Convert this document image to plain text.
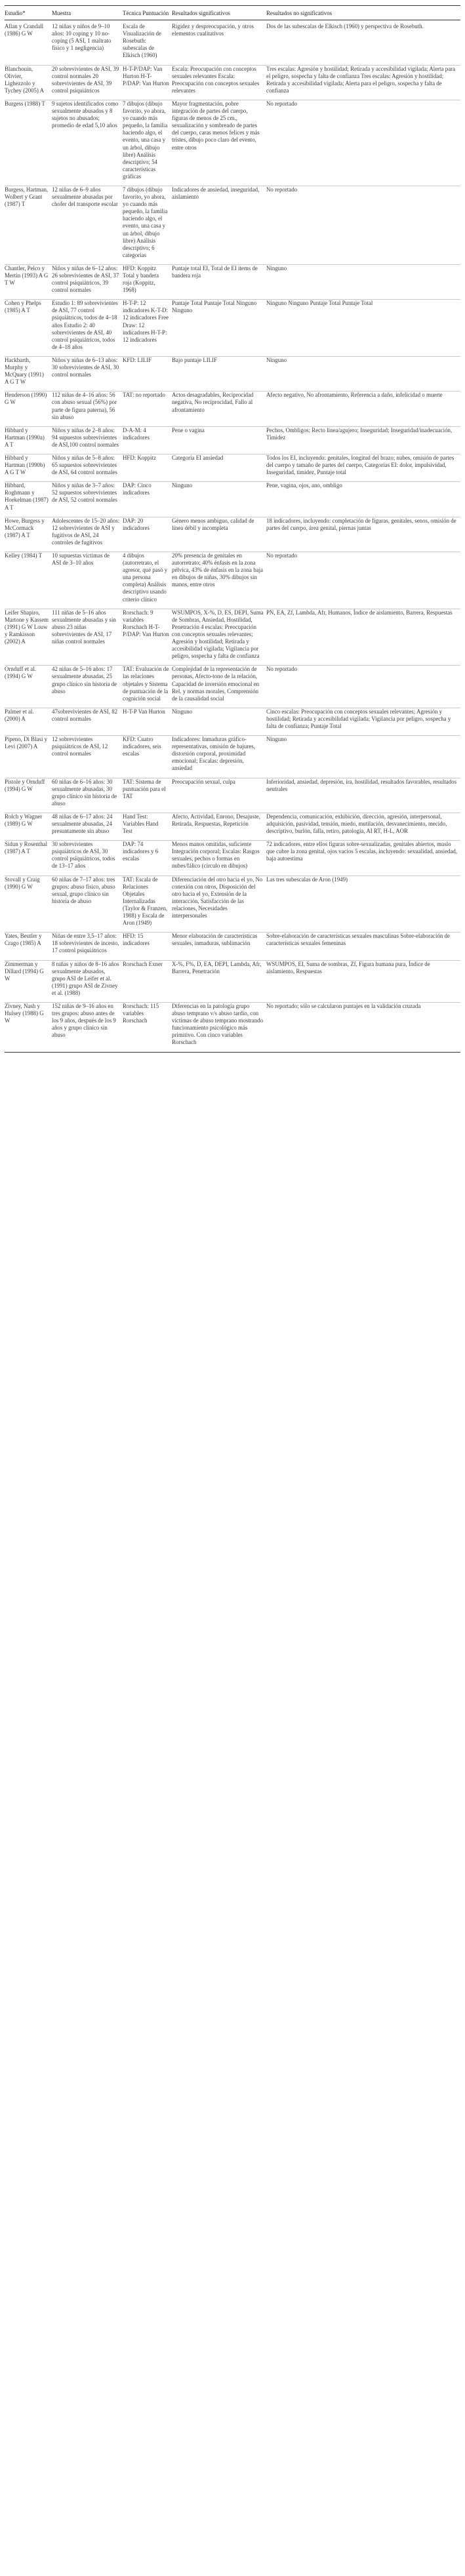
Estudio*	Muestra	Técnica Puntuación	Resultados significativos	Resultados no significativos
Allan y Crandall (1986) G W	12 niñas y niños de 9–10 años: 10 coping y 10 no-coping (5 ASI, 1 maltrato físico y 1 negligencia)	Escala de Visualización de Rosebuth: subescalas de Elkisch (1960)	Rigidez y despreocupación, y otros elementos cualitativos	Dos de las subescalas de Elkisch (1960) y perspectiva de Rosebuth.
Blanchouin, Olivier, Lighezzolo y Tychey (2005) A	20 sobrevivientes de ASI, 39 control normales 20 sobrevivientes de ASI, 39 control psiquiátricos	H-T-P/DAP: Van Hurton H-T-P/DAP: Van Hurton	Escala: Preocupación con conceptos sexuales relevantes Escala: Preocupación con conceptos sexuales relevantes	Tres escalas: Agresión y hostilidad; Retirada y accesibilidad vigilada; Alerta para el peligro, sospecha y falta de confianza Tres escalas: Agresión y hostilidad; Retirada y accesibilidad vigilada; Alerta para el peligro, sospecha y falta de confianza
Burgess (1988) T	9 sujetos identificados como sexualmente abusados y 8 sujetos no abusados; promedio de edad 5,10 años	7 dibujos (dibujo favorito, yo ahora, yo cuando más pequeño, la familia haciendo algo, el evento, una casa y un árbol, dibujo libre) Análisis descriptivo; 54 características gráficas	Mayor fragmentación, pobre integración de partes del cuerpo, figuras de menos de 25 cm., sexualización y sombreado de partes del cuerpo, caras menos felices y más tristes, dibujo poco claro del evento, entre otros	No reportado
Burgess, Hartman, Wolbert y Grant (1987) T	12 niñas de 6–9 años sexualmente abusadas por chofer del transporte escolar	7 dibujos (dibujo favorito, yo ahora, yo cuando más pequeño, la familia haciendo algo, el evento, una casa y un árbol, dibujo libre) Análisis descriptivo; 6 categorías	Indicadores de ansiedad, inseguridad, aislamiento	No reportado
Chantler, Pelco y Mertin (1993) A G T W	Niños y niñas de 6–12 años: 26 sobrevivientes de ASI, 37 control psiquiátricos, 39 control normales	HFD: Koppitz Total y bandera roja (Koppitz, 1968)	Puntaje total EI, Total de EI ítems de bandera roja	Ninguno
Cohen y Phelps (1985) A T	Estudio 1: 89 sobrevivientes de ASI, 77 control psiquiátricos, todos de 4–18 años Estudio 2: 40 sobrevivientes de ASI, 40 control psiquiátricos, todos de 4–18 años	H-T-P: 12 indicadores K-T-D: 12 indicadores Free Draw: 12 indicadores H-T-P: 12 indicadores	Puntaje Total Puntaje Total Ninguno Ninguno	Ninguno Ninguno Puntaje Total Puntaje Total
Hackbarth, Murphy y McQuary (1991) A G T W	Niños y niñas de 6–13 años: 30 sobrevivientes de ASI, 30 control normales	KFD: LILIF	Bajo puntaje LILIF	Ninguno
Henderson (1990) G W	112 niñas de 4–16 años: 56 con abuso sexual (56%) por parte de figura paterna), 56 sin abuso	TAT: no reportado	Actos desagradables, Reciprocidad negativa, No reciprocidad, Fallo al afrontamiento	Afecto negativo, No afrontamiento, Referencia a daño, infelicidad o muerte
Hibbard y Hartman (1990a) A T	Niños y niñas de 2–8 años: 94 supuestos sobrevivientes de ASI,100 control normales	D-A-M: 4 indicadores	Pene o vagina	Pechos, Ombligos; Recto línea/agujero; Inseguridad; Inseguridad/inadecuación, Timidez
Hibbard y Hartman (1990b) A G T W	Niños y niñas de 5–8 años: 65 supuestos sobrevivientes de ASI, 64 control normales	HFD: Koppitz	Categoría EI ansiedad	Todos los EI, incluyendo: genitales, longitud del brazo; nubes, omisión de partes del cuerpo y tamaño de partes del cuerpo, Categorías EI: dolor, impulsividad, Inseguridad, timidez, Puntaje total
Hibbard, Roghmann y Hoekelman (1987) A T	Niños y niñas de 3–7 años: 52 supuestos sobrevivientes de ASI, 52 control normales	DAP: Cinco indicadores	Ninguno	Pene, vagina, ojos, ano, ombligo
Howe, Burgess y McCormack (1987) A T	Adolescentes de 15–20 años: 12 sobrevivientes de ASI y fugitivos de ASI, 24 controles de fugitivos	DAP: 20 indicadores	Género menos ambiguo, calidad de línea débil y incompleta	18 indicadores, incluyendo: completación de figuras, genitales, senos, omisión de partes del cuerpo, área genital, piernas juntas
Kelley (1984) T	10 supuestas víctimas de ASI de 3–10 años	4 dibujos (autorretrato, el agresor, qué pasó y una persona completa) Análisis descriptivo usando criterio clínico	20% presencia de genitales en autorretrato; 40% énfasis en la zona pélvica, 43% de énfasis en la zona baja en dibujos de niñas, 30% dibujos sin manos, entre otros	No reportado
Leifer Shapiro, Martone y Kassem (1991) G W Louw y Ramkisson (2002) A	111 niñas de 5–16 años sexualmente abusadas y sin abuso 23 niñas sobrevivientes de ASI, 17 niñas control normales	Rorschach: 9 variables Rorschach H-T-P/DAP: Van Hurton	WSUMPOS, X-%, D, ES, DEPI, Suma de Sombras, Ansiedad, Hostilidad, Penetración 4 escalas: Preocupación con conceptos sexuales relevantes; Agresión y hostilidad; Retirada y accesibilidad vigilada; Vigilancia por peligro, sospecha y falta de confianza	PN, EA, Zf, Lambda, Afr, Humanos, Índice de aislamiento, Barrera, Respuestas
Ornduff et al. (1994) G W	42 niñas de 5–16 años: 17 sexualmente abusadas, 25 grupo clínico sin historia de abuso	TAT: Evaluación de las relaciones objetales y Sistema de puntuación de la cognición social	Complejidad de la representación de personas, Afecto-tono de la relación, Capacidad de inversión emocional en Rel. y normas morales, Comprensión de la causalidad social	No reportado
Palmer et al. (2000) A	47sobrevivientes de ASI, 82 control normales	H-T-P Van Hurton	Ninguno	Cinco escalas: Preocupación con conceptos sexuales relevantes; Agresión y hostilidad; Retirada y accesibilidad vigilada; Vigilancia por peligro, sospecha y falta de confianza; Puntaje Total
Pipeno, Di Blasi y Levi (2007) A	12 sobrevivientes psiquiátricos de ASI, 12 control normales	KFD: Cuatro indicadores, seis escalas	Indicadores: Inmaduras gráfico-representativas, omisión de bajures, distorsión corporal, proximidad emocional; Escalas: depresión, ansiedad	Ninguno
Pistole y Ornduff (1994) G W	60 niñas de 6–16 años: 30 sexualmente abusadas, 30 grupo clínico sin historia de abuso	TAT: Sistema de puntuación para el TAT	Preocupación sexual, culpa	Inferioridad, ansiedad, depresión, ira, hostilidad, resultados favorables, resultados neutrales
Rolch y Wagner (1989) G W	48 niñas de 6–17 años: 24 sexualmente abusadas, 24 presuntamente sin abuso	Hand Test: Variables Hand Test	Afecto, Actividad, Enrono, Desajuste, Retirada, Respuestas, Repetición	Dependencia, comunicación, exhibición, dirección, agresión, interpersonal, adquisición, pasividad, tensión, miedo, mutilación, desvanecimiento, mecido, descriptivo, burlón, falla, retiro, patología, AI RT, H-L, AOR
Sidun y Rosenthal (1987) A T	30 sobrevivientes psiquiátricos de ASI, 30 control psiquiátricos, todos de 13–17 años	DAP: 74 indicadores y 6 escalas	Menos manos omitidas, suficiente Integración corporal; Escalas: Rasgos sexuales, pechos o formas en nubes/fálico (círculo en dibujos)	72 indicadores, entre ellos figuras sobre-sexualizadas, genitales abiertos, muslo que cubre la zona genital, ojos vacíos 5 escalas, incluyendo: sexualidad, ansiedad, baja autoestima
Stovall y Craig (1990) G W	60 niñas de 7–17 años: tres grupos: abuso físico, abuso sexual, grupo clínico sin historia de abuso	TAT: Escala de Relaciones Objetales Internalizadas (Taylor & Franzen, 1988) y Escala de Aron (1949)	Diferenciación del otro hacia el yo, No conexión con otros, Disposición del otro hacia el yo, Extensión de la interacción, Satisfacción de las relaciones, Necesidades interpersonales	Las tres subescalas de Aron (1949)
Yates, Beutler y Crago (1985) A	Niñas de entre 3,5–17 años: 18 sobrevivientes de incesto, 17 control psiquiátricos	HFD: 15 indicadores	Menor elaboración de características sexuales, inmaduras, sublimación	Sobre-elaboración de características sexuales masculinas Sobre-elaboración de características sexuales femeninas
Zimmerman y Dillard (1994) G W	8 niñas y niños de 8–16 años sexualmente abusados, grupo ASI de Leifer et al. (1991) grupo ASI de Zivney et al. (1988)	Rorschach Exner	X-%, F%, D, EA, DEPI, Lambda, Afr, Barrera, Penetración	WSUMPOS, EI, Suma de sombras, Zf, Figura humana pura, Índice de aislamiento, Respuestas
Zivney, Nash y Hulsey (1988) G W	152 niñas de 9–16 años en tres grupos: abuso antes de los 9 años, después de los 9 años y grupo clínico sin abuso	Rorschach: 115 variables Rorschach	Diferencias en la patología grupo abuso temprano v/s abuso tardío, con víctimas de abuso temprano mostrando funcionamiento psicológico más primitivo. Con cinco variables Rorschach	No reportado; sólo se calcularon puntajes en la validación cruzada
